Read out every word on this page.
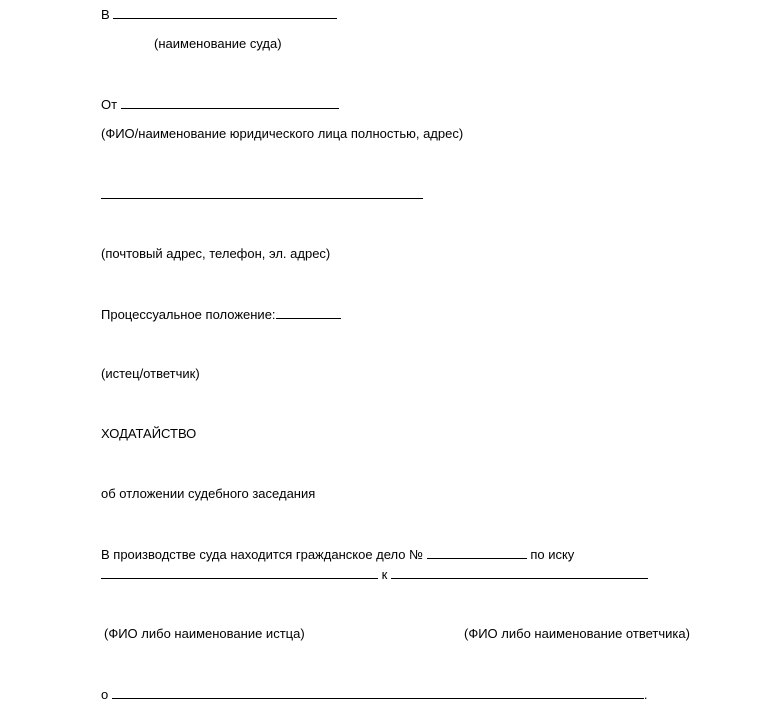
В
(наименование суда)
От
(ФИО/наименование юридического лица полностью, адрес)
(почтовый адрес, телефон, эл. адрес)
Процессуальное положение:
(истец/ответчик)
ХОДАТАЙСТВО
об отложении судебного заседания
В производстве суда находится гражданское дело №	по иску
к
(ФИО либо наименование истца)	(ФИО либо наименование ответчика)
о	.
